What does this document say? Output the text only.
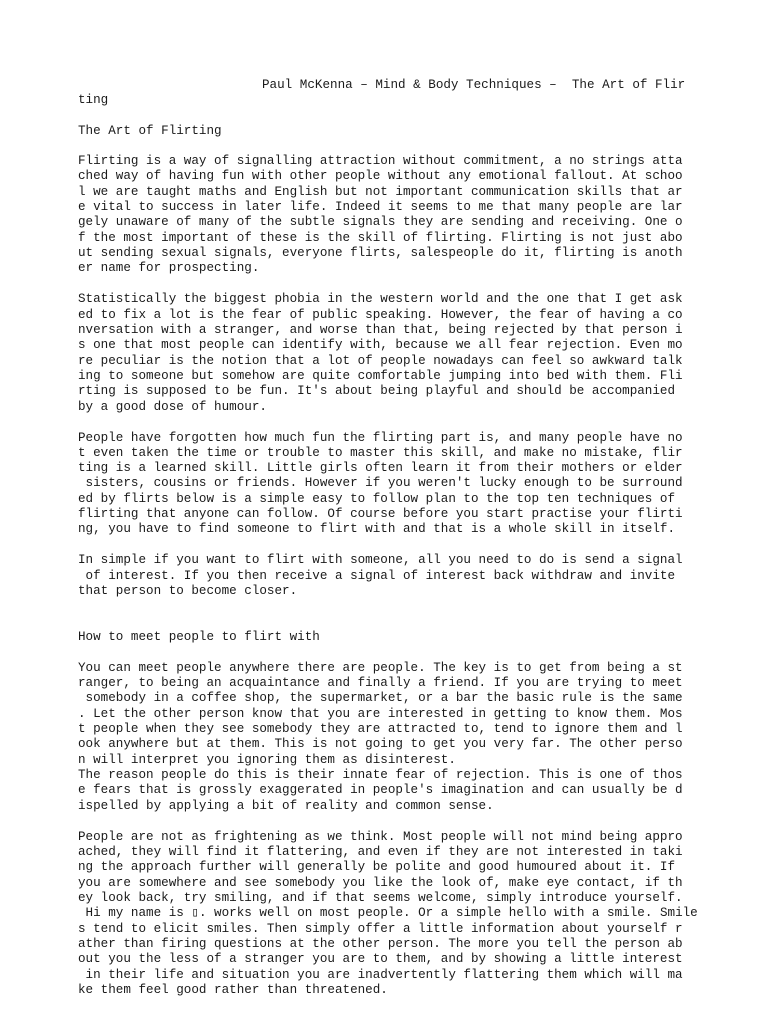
Paul McKenna – Mind & Body Techniques –  The Art of Flir
ting
The Art of Flirting
Flirting is a way of signalling attraction without commitment, a no strings atta
ched way of having fun with other people without any emotional fallout. At schoo
l we are taught maths and English but not important communication skills that ar
e vital to success in later life. Indeed it seems to me that many people are lar
gely unaware of many of the subtle signals they are sending and receiving. One o
f the most important of these is the skill of flirting. Flirting is not just abo
ut sending sexual signals, everyone flirts, salespeople do it, flirting is anoth
er name for prospecting.
Statistically the biggest phobia in the western world and the one that I get ask
ed to fix a lot is the fear of public speaking. However, the fear of having a co
nversation with a stranger, and worse than that, being rejected by that person i
s one that most people can identify with, because we all fear rejection. Even mo
re peculiar is the notion that a lot of people nowadays can feel so awkward talk
ing to someone but somehow are quite comfortable jumping into bed with them. Fli
rting is supposed to be fun. It's about being playful and should be accompanied
by a good dose of humour.
People have forgotten how much fun the flirting part is, and many people have no
t even taken the time or trouble to master this skill, and make no mistake, flir
ting is a learned skill. Little girls often learn it from their mothers or elder
sisters, cousins or friends. However if you weren't lucky enough to be surround
ed by flirts below is a simple easy to follow plan to the top ten techniques of
flirting that anyone can follow. Of course before you start practise your flirti
ng, you have to find someone to flirt with and that is a whole skill in itself.
In simple if you want to flirt with someone, all you need to do is send a signal
of interest. If you then receive a signal of interest back withdraw and invite
that person to become closer.
How to meet people to flirt with
You can meet people anywhere there are people. The key is to get from being a st
ranger, to being an acquaintance and finally a friend. If you are trying to meet
somebody in a coffee shop, the supermarket, or a bar the basic rule is the same
. Let the other person know that you are interested in getting to know them. Mos
t people when they see somebody they are attracted to, tend to ignore them and l
ook anywhere but at them. This is not going to get you very far. The other perso
n will interpret you ignoring them as disinterest.
The reason people do this is their innate fear of rejection. This is one of thos
e fears that is grossly exaggerated in people's imagination and can usually be d
ispelled by applying a bit of reality and common sense.
People are not as frightening as we think. Most people will not mind being appro
ached, they will find it flattering, and even if they are not interested in taki
ng the approach further will generally be polite and good humoured about it. If
you are somewhere and see somebody you like the look of, make eye contact, if th
ey look back, try smiling, and if that seems welcome, simply introduce yourself.
Hi my name is ▯. works well on most people. Or a simple hello with a smile. Smile
s tend to elicit smiles. Then simply offer a little information about yourself r
ather than firing questions at the other person. The more you tell the person ab
out you the less of a stranger you are to them, and by showing a little interest
in their life and situation you are inadvertently flattering them which will ma
ke them feel good rather than threatened.
